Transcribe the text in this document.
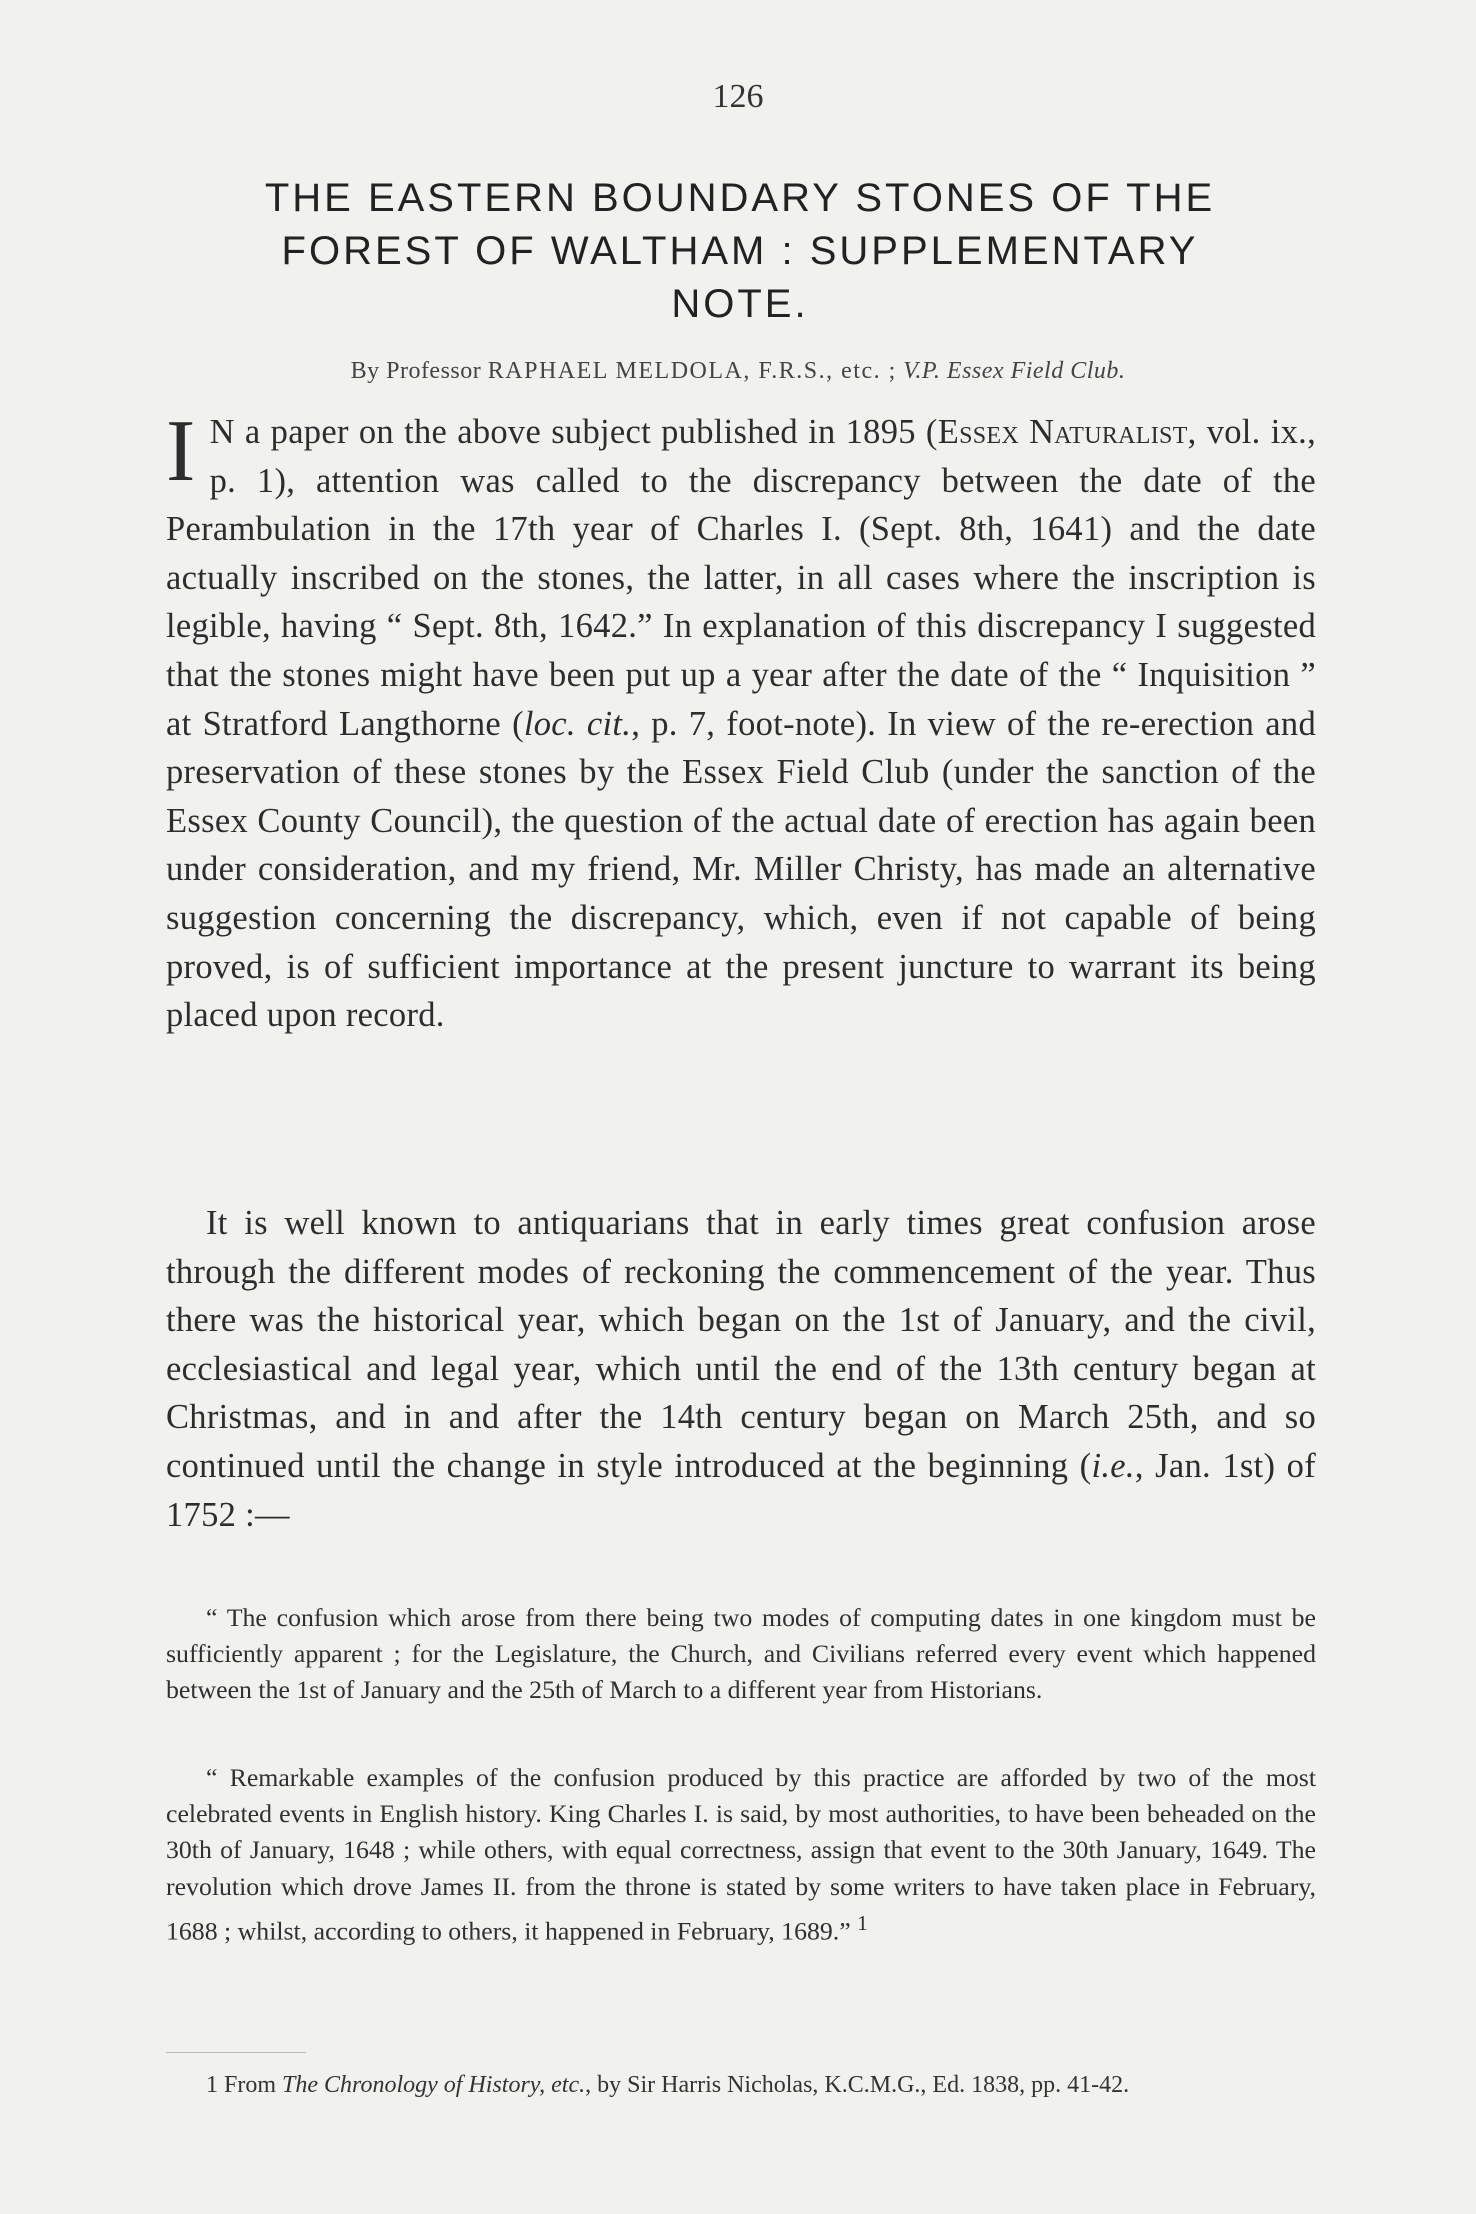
126
THE EASTERN BOUNDARY STONES OF THE
FOREST OF WALTHAM : SUPPLEMENTARY
NOTE.
By Professor RAPHAEL MELDOLA, F.R.S., etc. ; V.P. Essex Field Club.
I N a paper on the above subject published in 1895 (Essex Naturalist, vol. ix., p. 1), attention was called to the discrepancy between the date of the Perambulation in the 17th year of Charles I. (Sept. 8th, 1641) and the date actually inscribed on the stones, the latter, in all cases where the inscription is legible, having “ Sept. 8th, 1642.” In explanation of this discrepancy I suggested that the stones might have been put up a year after the date of the “ Inquisition ” at Stratford Langthorne (loc. cit., p. 7, foot-note). In view of the re-erection and preservation of these stones by the Essex Field Club (under the sanction of the Essex County Council), the question of the actual date of erection has again been under consideration, and my friend, Mr. Miller Christy, has made an alternative suggestion concerning the discrepancy, which, even if not capable of being proved, is of sufficient importance at the present juncture to warrant its being placed upon record.
It is well known to antiquarians that in early times great confusion arose through the different modes of reckoning the commencement of the year. Thus there was the historical year, which began on the 1st of January, and the civil, ecclesiastical and legal year, which until the end of the 13th century began at Christmas, and in and after the 14th century began on March 25th, and so continued until the change in style introduced at the beginning (i.e., Jan. 1st) of 1752 :—
“ The confusion which arose from there being two modes of computing dates in one kingdom must be sufficiently apparent ; for the Legislature, the Church, and Civilians referred every event which happened between the 1st of January and the 25th of March to a different year from Historians.
“ Remarkable examples of the confusion produced by this practice are afforded by two of the most celebrated events in English history. King Charles I. is said, by most authorities, to have been beheaded on the 30th of January, 1648 ; while others, with equal correctness, assign that event to the 30th January, 1649. The revolution which drove James II. from the throne is stated by some writers to have taken place in February, 1688 ; whilst, according to others, it happened in February, 1689.” $^1$
1 From The Chronology of History, etc., by Sir Harris Nicholas, K.C.M.G., Ed. 1838, pp. 41-42.
